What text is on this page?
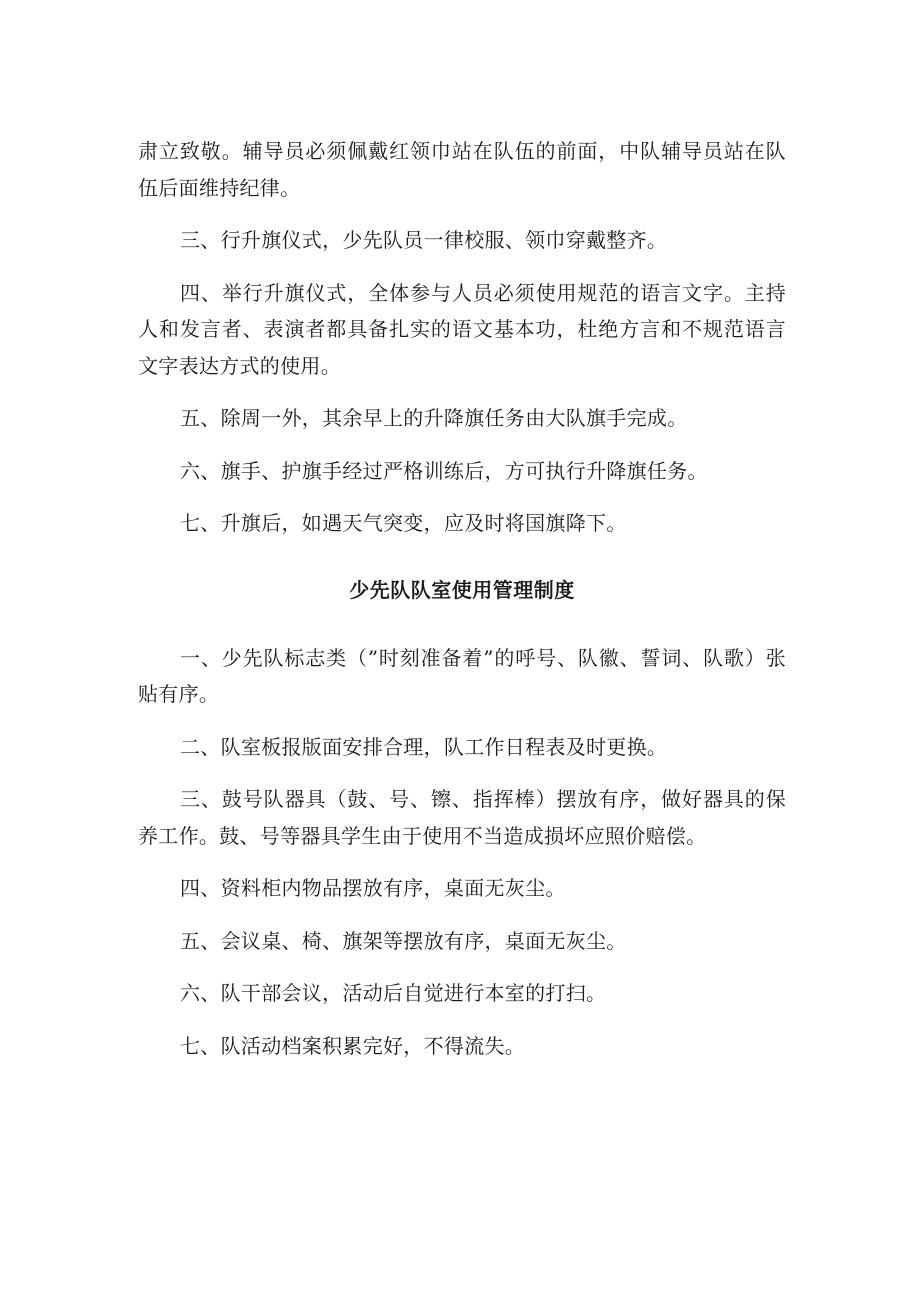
肃立致敬。辅导员必须佩戴红领巾站在队伍的前面，中队辅导员站在队伍后面维持纪律。

三、行升旗仪式，少先队员一律校服、领巾穿戴整齐。

四、举行升旗仪式，全体参与人员必须使用规范的语言文字。主持人和发言者、表演者都具备扎实的语文基本功，杜绝方言和不规范语言文字表达方式的使用。

五、除周一外，其余早上的升降旗任务由大队旗手完成。

六、旗手、护旗手经过严格训练后，方可执行升降旗任务。

七、升旗后，如遇天气突变，应及时将国旗降下。

少先队队室使用管理制度

一、少先队标志类（”时刻准备着”的呼号、队徽、誓词、队歌）张贴有序。

二、队室板报版面安排合理，队工作日程表及时更换。

三、鼓号队器具（鼓、号、镲、指挥棒）摆放有序，做好器具的保养工作。鼓、号等器具学生由于使用不当造成损坏应照价赔偿。

四、资料柜内物品摆放有序，桌面无灰尘。

五、会议桌、椅、旗架等摆放有序，桌面无灰尘。

六、队干部会议，活动后自觉进行本室的打扫。

七、队活动档案积累完好，不得流失。
